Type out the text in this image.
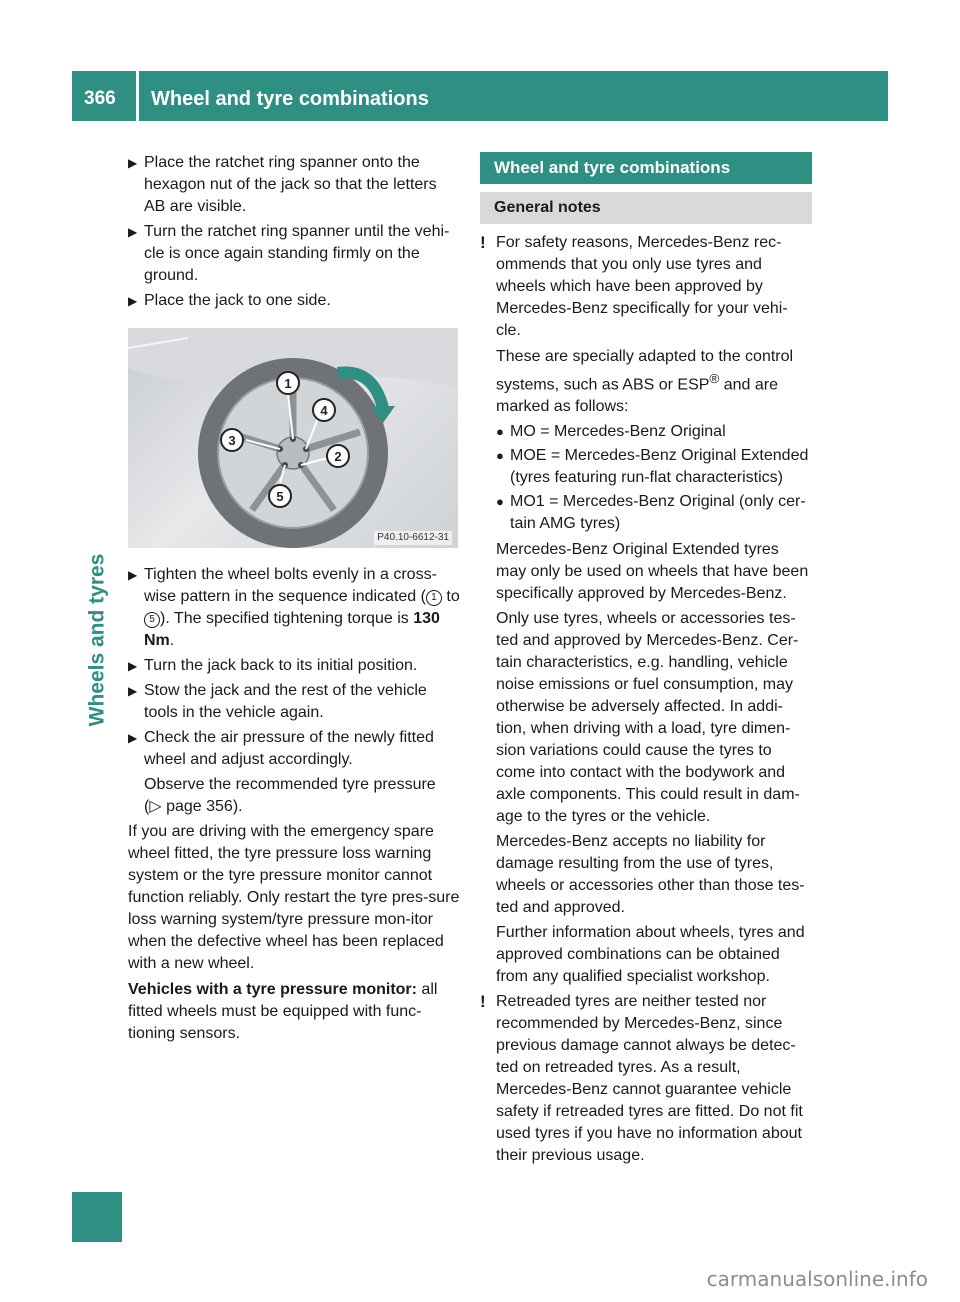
366	Wheel and tyre combinations
Wheels and tyres
▶ Place the ratchet ring spanner onto the hexagon nut of the jack so that the letters AB are visible.
▶ Turn the ratchet ring spanner until the vehi-cle is once again standing firmly on the ground.
▶ Place the jack to one side.
1
2
3
4
5
P40.10-6612-31
▶ Tighten the wheel bolts evenly in a cross-wise pattern in the sequence indicated ( 1 to 5 ). The specified tightening torque is 130 Nm.
▶ Turn the jack back to its initial position.
▶ Stow the jack and the rest of the vehicle tools in the vehicle again.
▶ Check the air pressure of the newly fitted wheel and adjust accordingly.
Observe the recommended tyre pressure
(▷ page 356).
If you are driving with the emergency spare wheel fitted, the tyre pressure loss warning system or the tyre pressure monitor cannot function reliably. Only restart the tyre pres-sure loss warning system/tyre pressure mon-itor when the defective wheel has been replaced with a new wheel.
Vehicles with a tyre pressure monitor: all fitted wheels must be equipped with func-tioning sensors.
Wheel and tyre combinations
General notes
! For safety reasons, Mercedes-Benz rec-ommends that you only use tyres and wheels which have been approved by Mercedes-Benz specifically for your vehi-cle.
These are specially adapted to the control systems, such as ABS or ESP® and are marked as follows:
● MO = Mercedes-Benz Original
● MOE = Mercedes-Benz Original Extended (tyres featuring run-flat characteristics)
● MO1 = Mercedes-Benz Original (only cer-tain AMG tyres)
Mercedes-Benz Original Extended tyres may only be used on wheels that have been specifically approved by Mercedes-Benz.
Only use tyres, wheels or accessories tes-ted and approved by Mercedes-Benz. Cer-tain characteristics, e.g. handling, vehicle noise emissions or fuel consumption, may otherwise be adversely affected. In addi-tion, when driving with a load, tyre dimen-sion variations could cause the tyres to come into contact with the bodywork and axle components. This could result in dam-age to the tyres or the vehicle.
Mercedes-Benz accepts no liability for damage resulting from the use of tyres, wheels or accessories other than those tes-ted and approved.
Further information about wheels, tyres and approved combinations can be obtained from any qualified specialist workshop.
! Retreaded tyres are neither tested nor recommended by Mercedes-Benz, since previous damage cannot always be detec-ted on retreaded tyres. As a result, Mercedes-Benz cannot guarantee vehicle safety if retreaded tyres are fitted. Do not fit used tyres if you have no information about their previous usage.
carmanualsonline.info
